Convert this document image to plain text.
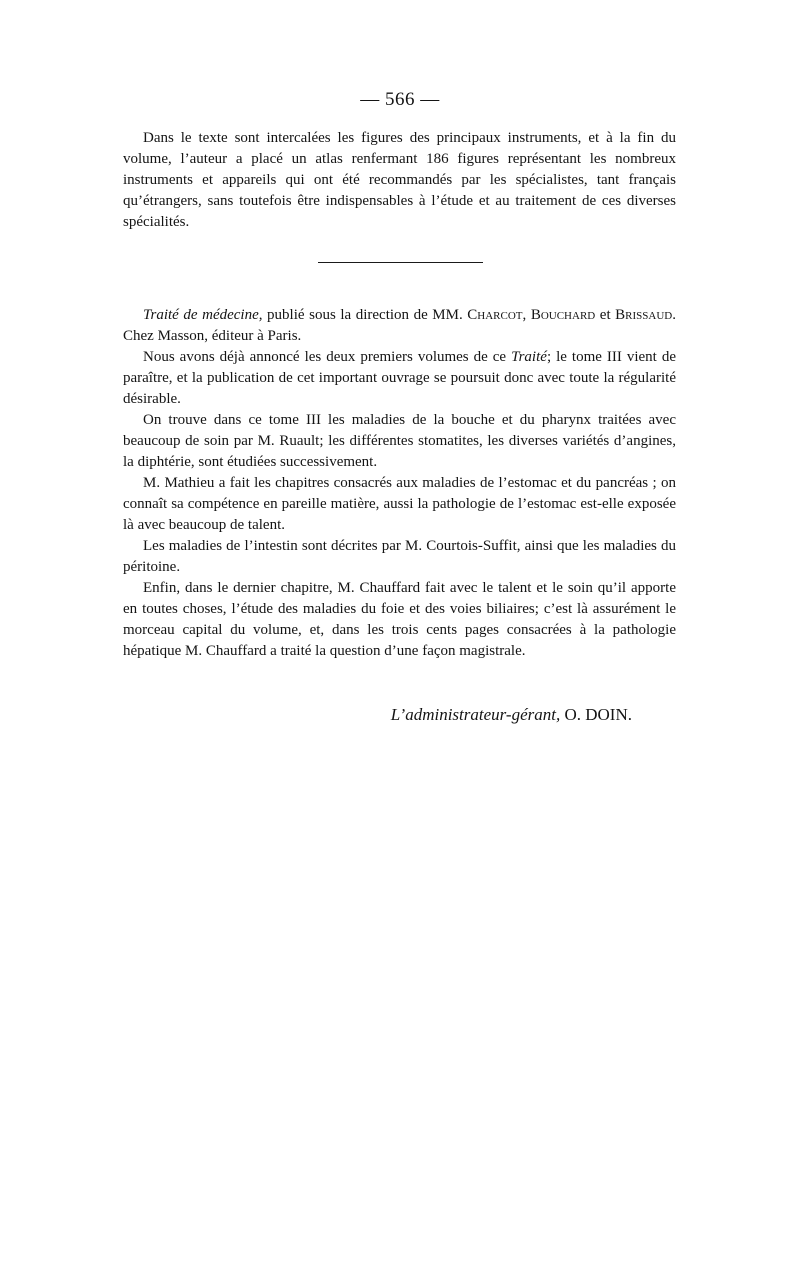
— 566 —

Dans le texte sont intercalées les figures des principaux instruments, et à la fin du volume, l’auteur a placé un atlas renfermant 186 figures représentant les nombreux instruments et appareils qui ont été recommandés par les spécialistes, tant français qu’étrangers, sans toutefois être indispensables à l’étude et au traitement de ces diverses spécialités.

Traité de médecine, publié sous la direction de MM. Charcot, Bouchard et Brissaud. Chez Masson, éditeur à Paris.

Nous avons déjà annoncé les deux premiers volumes de ce Traité; le tome III vient de paraître, et la publication de cet important ouvrage se poursuit donc avec toute la régularité désirable.

On trouve dans ce tome III les maladies de la bouche et du pharynx traitées avec beaucoup de soin par M. Ruault; les différentes stomatites, les diverses variétés d’angines, la diphtérie, sont étudiées successivement.

M. Mathieu a fait les chapitres consacrés aux maladies de l’estomac et du pancréas ; on connaît sa compétence en pareille matière, aussi la pathologie de l’estomac est-elle exposée là avec beaucoup de talent.

Les maladies de l’intestin sont décrites par M. Courtois-Suffit, ainsi que les maladies du péritoine.

Enfin, dans le dernier chapitre, M. Chauffard fait avec le talent et le soin qu’il apporte en toutes choses, l’étude des maladies du foie et des voies biliaires; c’est là assurément le morceau capital du volume, et, dans les trois cents pages consacrées à la pathologie hépatique M. Chauffard a traité la question d’une façon magistrale.

L’administrateur-gérant, O. DOIN.
